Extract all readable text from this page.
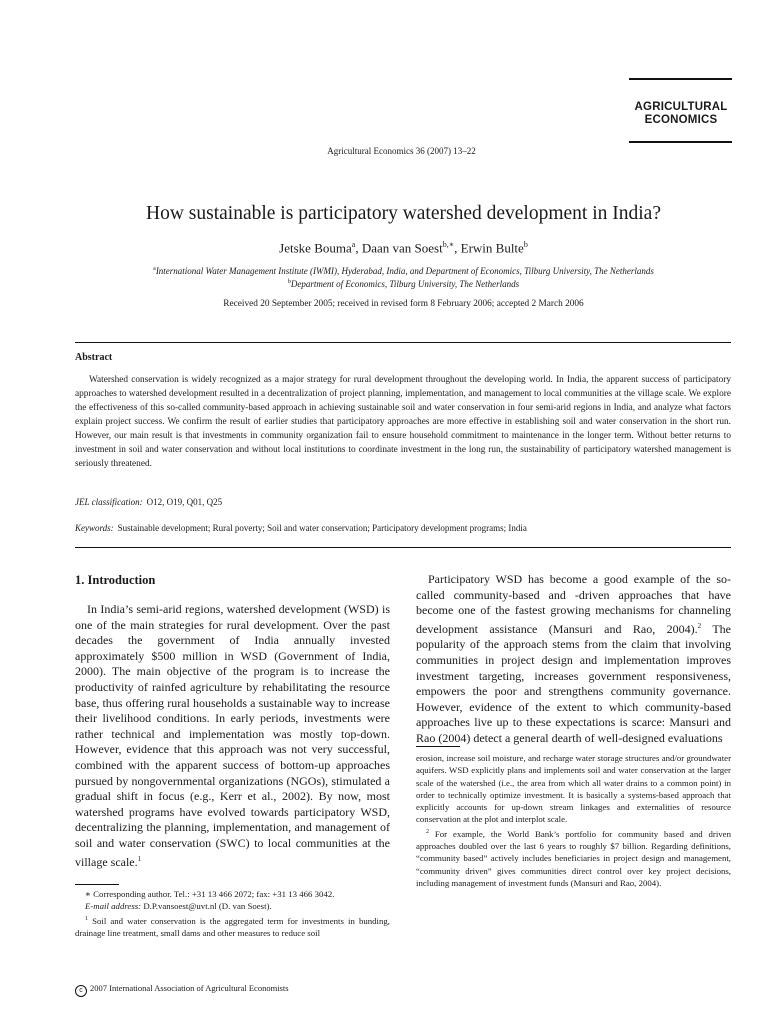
AGRICULTURAL
ECONOMICS
Agricultural Economics 36 (2007) 13–22
How sustainable is participatory watershed development in India?
Jetske Bouma$^a$, Daan van Soest$^{b,∗}$, Erwin Bulte$^b$
$^a$International Water Management Institute (IWMI), Hyderabad, India, and Department of Economics, Tilburg University, The Netherlands
$^b$Department of Economics, Tilburg University, The Netherlands
Received 20 September 2005; received in revised form 8 February 2006; accepted 2 March 2006
Abstract

Watershed conservation is widely recognized as a major strategy for rural development throughout the developing world. In India, the apparent success of participatory approaches to watershed development resulted in a decentralization of project planning, implementation, and management to local communities at the village scale. We explore the effectiveness of this so-called community-based approach in achieving sustainable soil and water conservation in four semi-arid regions in India, and analyze what factors explain project success. We confirm the result of earlier studies that participatory approaches are more effective in establishing soil and water conservation in the short run. However, our main result is that investments in community organization fail to ensure household commitment to maintenance in the longer term. Without better returns to investment in soil and water conservation and without local institutions to coordinate investment in the long run, the sustainability of participatory watershed management is seriously threatened.

JEL classification: O12, O19, Q01, Q25
Keywords: Sustainable development; Rural poverty; Soil and water conservation; Participatory development programs; India
1. Introduction

In India’s semi-arid regions, watershed development (WSD) is one of the main strategies for rural development. Over the past decades the government of India annually invested approximately $500 million in WSD (Government of India, 2000). The main objective of the program is to increase the productivity of rainfed agriculture by rehabilitating the resource base, thus offering rural households a sustainable way to increase their livelihood conditions. In early periods, investments were rather technical and implementation was mostly top-down. However, evidence that this approach was not very successful, combined with the apparent success of bottom-up approaches pursued by nongovernmental organizations (NGOs), stimulated a gradual shift in focus (e.g., Kerr et al., 2002). By now, most watershed programs have evolved towards participatory WSD, decentralizing the planning, implementation, and management of soil and water conservation (SWC) to local communities at the village scale.$^1$

Participatory WSD has become a good example of the so-called community-based and -driven approaches that have become one of the fastest growing mechanisms for channeling development assistance (Mansuri and Rao, 2004).$^2$ The popularity of the approach stems from the claim that involving communities in project design and implementation improves investment targeting, increases government responsiveness, empowers the poor and strengthens community governance. However, evidence of the extent to which community-based approaches live up to these expectations is scarce: Mansuri and Rao (2004) detect a general dearth of well-designed evaluations

∗ Corresponding author. Tel.: +31 13 466 2072; fax: +31 13 466 3042.
E-mail address: D.P.vansoest@uvt.nl (D. van Soest).
$^1$ Soil and water conservation is the aggregated term for investments in bunding, drainage line treatment, small dams and other measures to reduce soil
erosion, increase soil moisture, and recharge water storage structures and/or groundwater aquifers. WSD explicitly plans and implements soil and water conservation at the larger scale of the watershed (i.e., the area from which all water drains to a common point) in order to technically optimize investment. It is basically a systems-based approach that explicitly accounts for up-down stream linkages and externalities of resource conservation at the plot and interplot scale.
$^2$ For example, the World Bank’s portfolio for community based and driven approaches doubled over the last 6 years to roughly $7 billion. Regarding definitions, “community based” actively includes beneficiaries in project design and management, “community driven” gives communities direct control over key project decisions, including management of investment funds (Mansuri and Rao, 2004).
c 2007 International Association of Agricultural Economists
